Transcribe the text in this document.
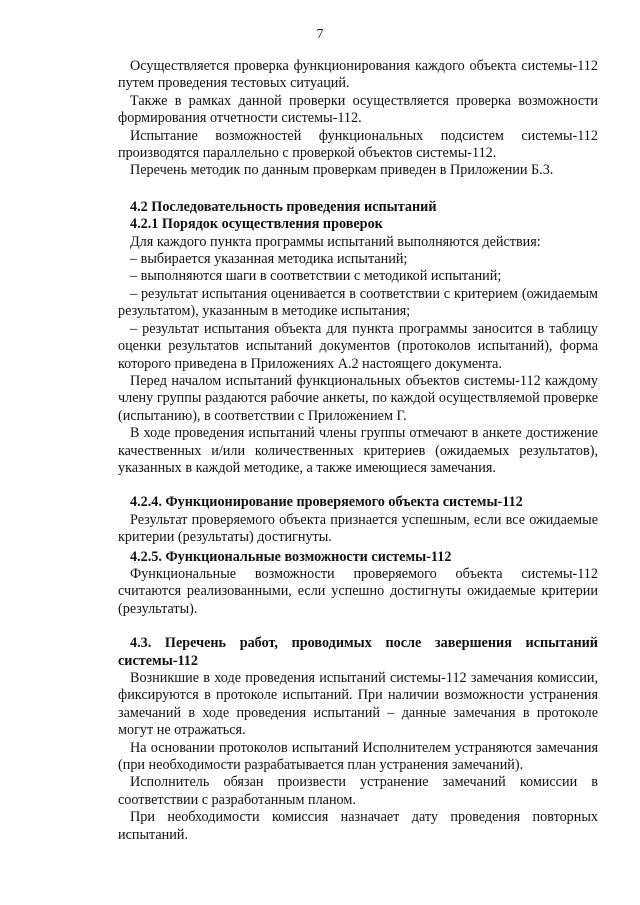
7

Осуществляется проверка функционирования каждого объекта системы-112 путем проведения тестовых ситуаций.

Также в рамках данной проверки осуществляется проверка возможности формирования отчетности системы-112.

Испытание возможностей функциональных подсистем системы-112 производятся параллельно с проверкой объектов системы-112.

Перечень методик по данным проверкам приведен в Приложении Б.3.

4.2 Последовательность проведения испытаний

4.2.1 Порядок осуществления проверок

Для каждого пункта программы испытаний выполняются действия:

– выбирается указанная методика испытаний;

– выполняются шаги в соответствии с методикой испытаний;

– результат испытания оценивается в соответствии с критерием (ожидаемым результатом), указанным в методике испытания;

– результат испытания объекта для пункта программы заносится в таблицу оценки результатов испытаний документов (протоколов испытаний), форма которого приведена в Приложениях А.2 настоящего документа.

Перед началом испытаний функциональных объектов системы-112 каждому члену группы раздаются рабочие анкеты, по каждой осуществляемой проверке (испытанию), в соответствии с Приложением Г.

В ходе проведения испытаний члены группы отмечают в анкете достижение качественных и/или количественных критериев (ожидаемых результатов), указанных в каждой методике, а также имеющиеся замечания.

4.2.4. Функционирование проверяемого объекта системы-112

Результат проверяемого объекта признается успешным, если все ожидаемые критерии (результаты) достигнуты.

4.2.5. Функциональные возможности системы-112

Функциональные возможности проверяемого объекта системы-112 считаются реализованными, если успешно достигнуты ожидаемые критерии (результаты).

4.3. Перечень работ, проводимых после завершения испытаний системы-112

Возникшие в ходе проведения испытаний системы-112 замечания комиссии, фиксируются в протоколе испытаний. При наличии возможности устранения замечаний в ходе проведения испытаний – данные замечания в протоколе могут не отражаться.

На основании протоколов испытаний Исполнителем устраняются замечания (при необходимости разрабатывается план устранения замечаний).

Исполнитель обязан произвести устранение замечаний комиссии в соответствии с разработанным планом.

При необходимости комиссия назначает дату проведения повторных испытаний.
